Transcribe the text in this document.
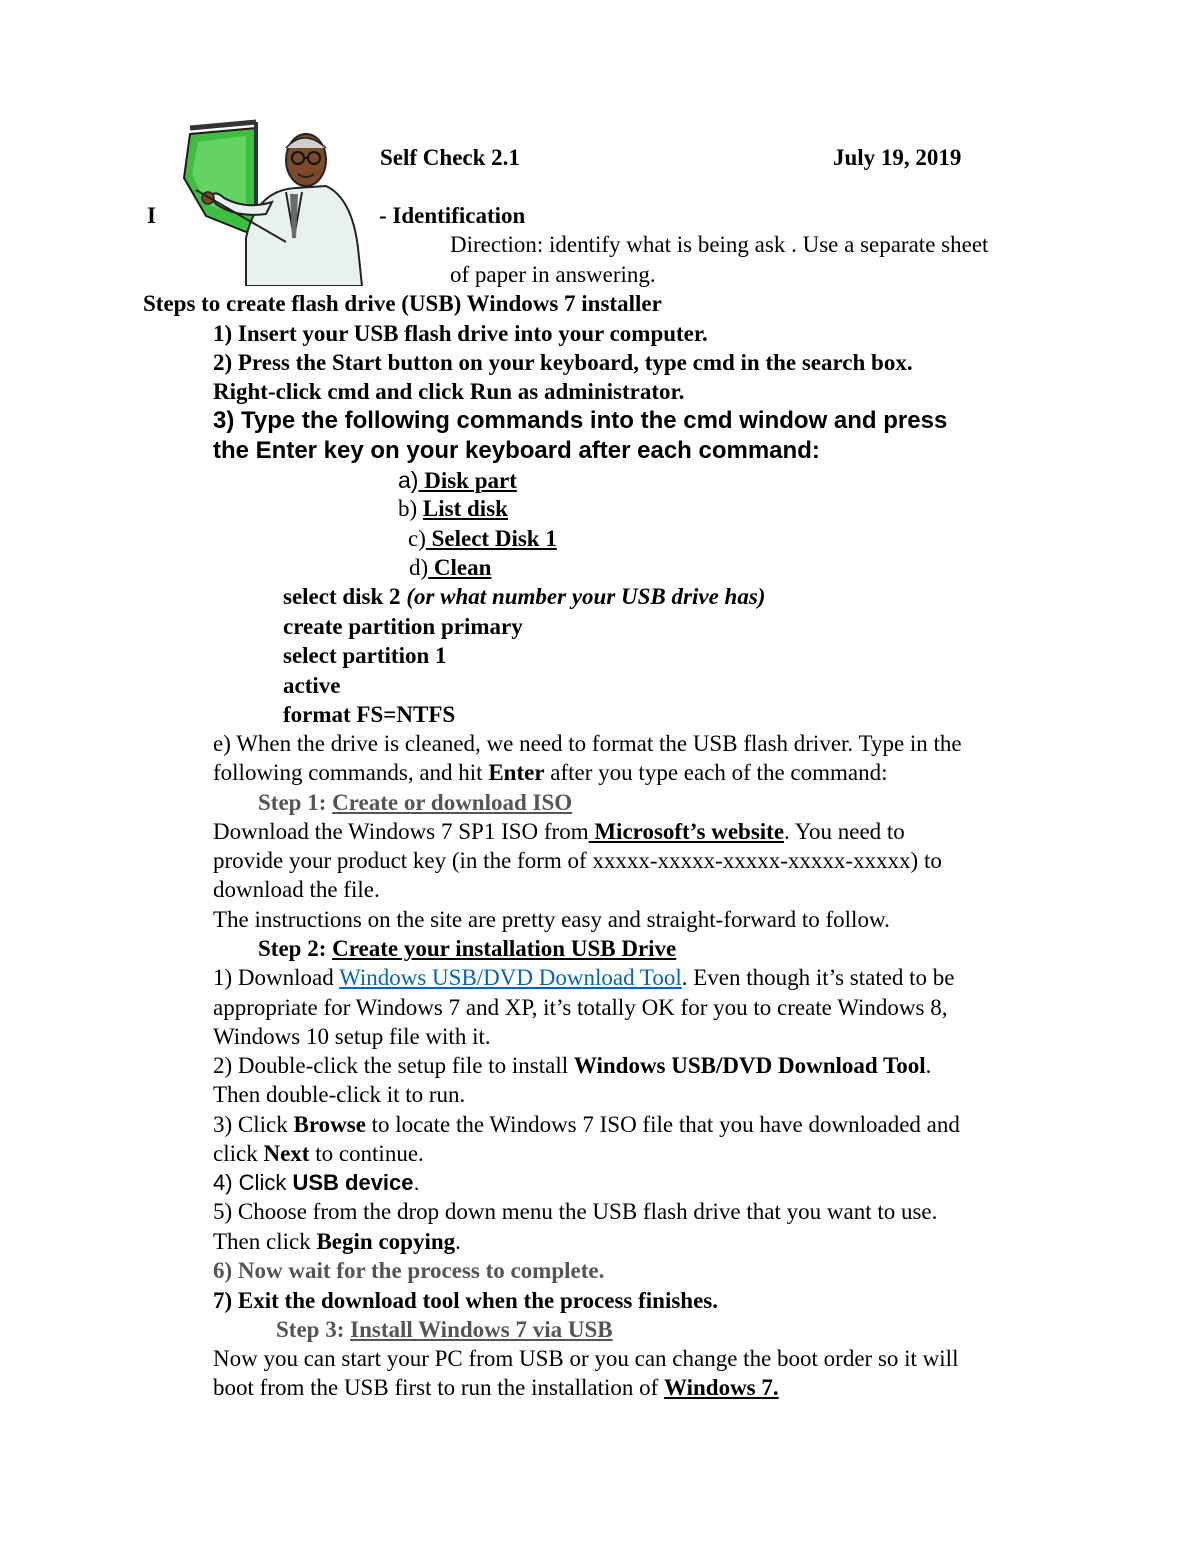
Self Check 2.1	July 19, 2019
I	- Identification
Direction: identify what is being ask . Use a separate sheet
of paper in answering.
Steps to create flash drive (USB) Windows 7 installer
1) Insert your USB flash drive into your computer.
2) Press the Start button on your keyboard, type cmd in the search box.
Right-click cmd and click Run as administrator.
3) Type the following commands into the cmd window and press
the Enter key on your keyboard after each command:
a) Disk part
b) List disk
c) Select Disk 1
d) Clean
select disk 2 (or what number your USB drive has)
create partition primary
select partition 1
active
format FS=NTFS
e) When the drive is cleaned, we need to format the USB flash driver. Type in the
following commands, and hit Enter after you type each of the command:
Step 1: Create or download ISO
Download the Windows 7 SP1 ISO from Microsoft’s website. You need to
provide your product key (in the form of xxxxx-xxxxx-xxxxx-xxxxx-xxxxx) to
download the file.
The instructions on the site are pretty easy and straight-forward to follow.
Step 2: Create your installation USB Drive
1) Download Windows USB/DVD Download Tool. Even though it’s stated to be
appropriate for Windows 7 and XP, it’s totally OK for you to create Windows 8,
Windows 10 setup file with it.
2) Double-click the setup file to install Windows USB/DVD Download Tool.
Then double-click it to run.
3) Click Browse to locate the Windows 7 ISO file that you have downloaded and
click Next to continue.
4) Click USB device.
5) Choose from the drop down menu the USB flash drive that you want to use.
Then click Begin copying.
6) Now wait for the process to complete.
7) Exit the download tool when the process finishes.
Step 3: Install Windows 7 via USB
Now you can start your PC from USB or you can change the boot order so it will
boot from the USB first to run the installation of Windows 7.
